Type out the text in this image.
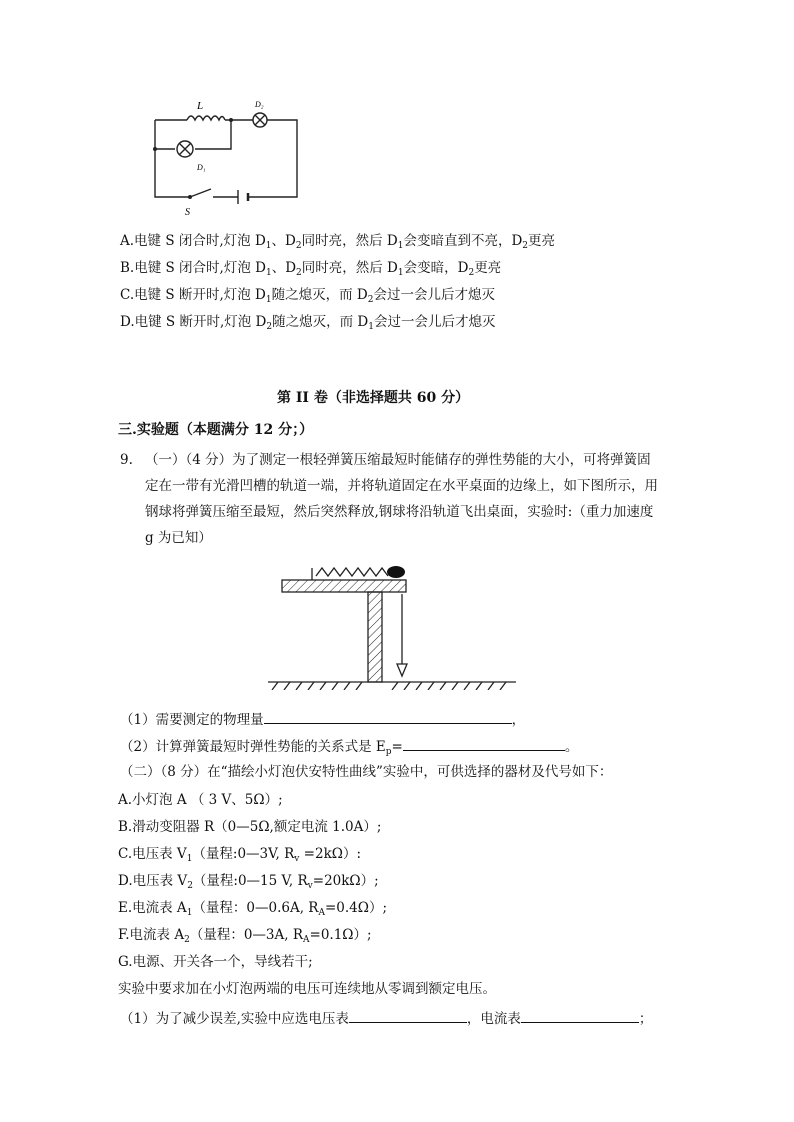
L	D₂
D₁
S
A.电键 S 闭合时,灯泡 $D_1$、$D_2$同时亮，然后 $D_1$会变暗直到不亮，$D_2$更亮
B.电键 S 闭合时,灯泡 $D_1$、$D_2$同时亮，然后 $D_1$会变暗，$D_2$更亮
C.电键 S 断开时,灯泡 $D_1$随之熄灭，而 $D_2$会过一会儿后才熄灭
D.电键 S 断开时,灯泡 $D_2$随之熄灭，而 $D_1$会过一会儿后才熄灭
第 II 卷（非选择题共 60 分）
三.实验题（本题满分 12 分；）
9. （一）（4 分）为了测定一根轻弹簧压缩最短时能储存的弹性势能的大小，可将弹簧固
定在一带有光滑凹槽的轨道一端，并将轨道固定在水平桌面的边缘上，如下图所示，用
钢球将弹簧压缩至最短，然后突然释放,钢球将沿轨道飞出桌面，实验时:（重力加速度
g 为已知）
（1）需要测定的物理量	，
（2）计算弹簧最短时弹性势能的关系式是 $E_p=$	。
（二）（8 分）在“描绘小灯泡伏安特性曲线”实验中，可供选择的器材及代号如下：
A.小灯泡 A （ 3 V、5Ω）;
B.滑动变阻器 R（0—5Ω,额定电流 1.0A）;
C.电压表 $V_1$（量程:0—3V, $R_v =2k\Omega$）:
D.电压表 $V_2$（量程:0—15 V, $R_v=20k\Omega$）;
E.电流表 $A_1$（量程：0—0.6A, $R_A=0.4\Omega$）;
F.电流表 $A_2$（量程：0—3A, $R_A=0.1\Omega$）;
G.电源、开关各一个，导线若干;
实验中要求加在小灯泡两端的电压可连续地从零调到额定电压。
（1）为了减少误差,实验中应选电压表	，电流表	；
